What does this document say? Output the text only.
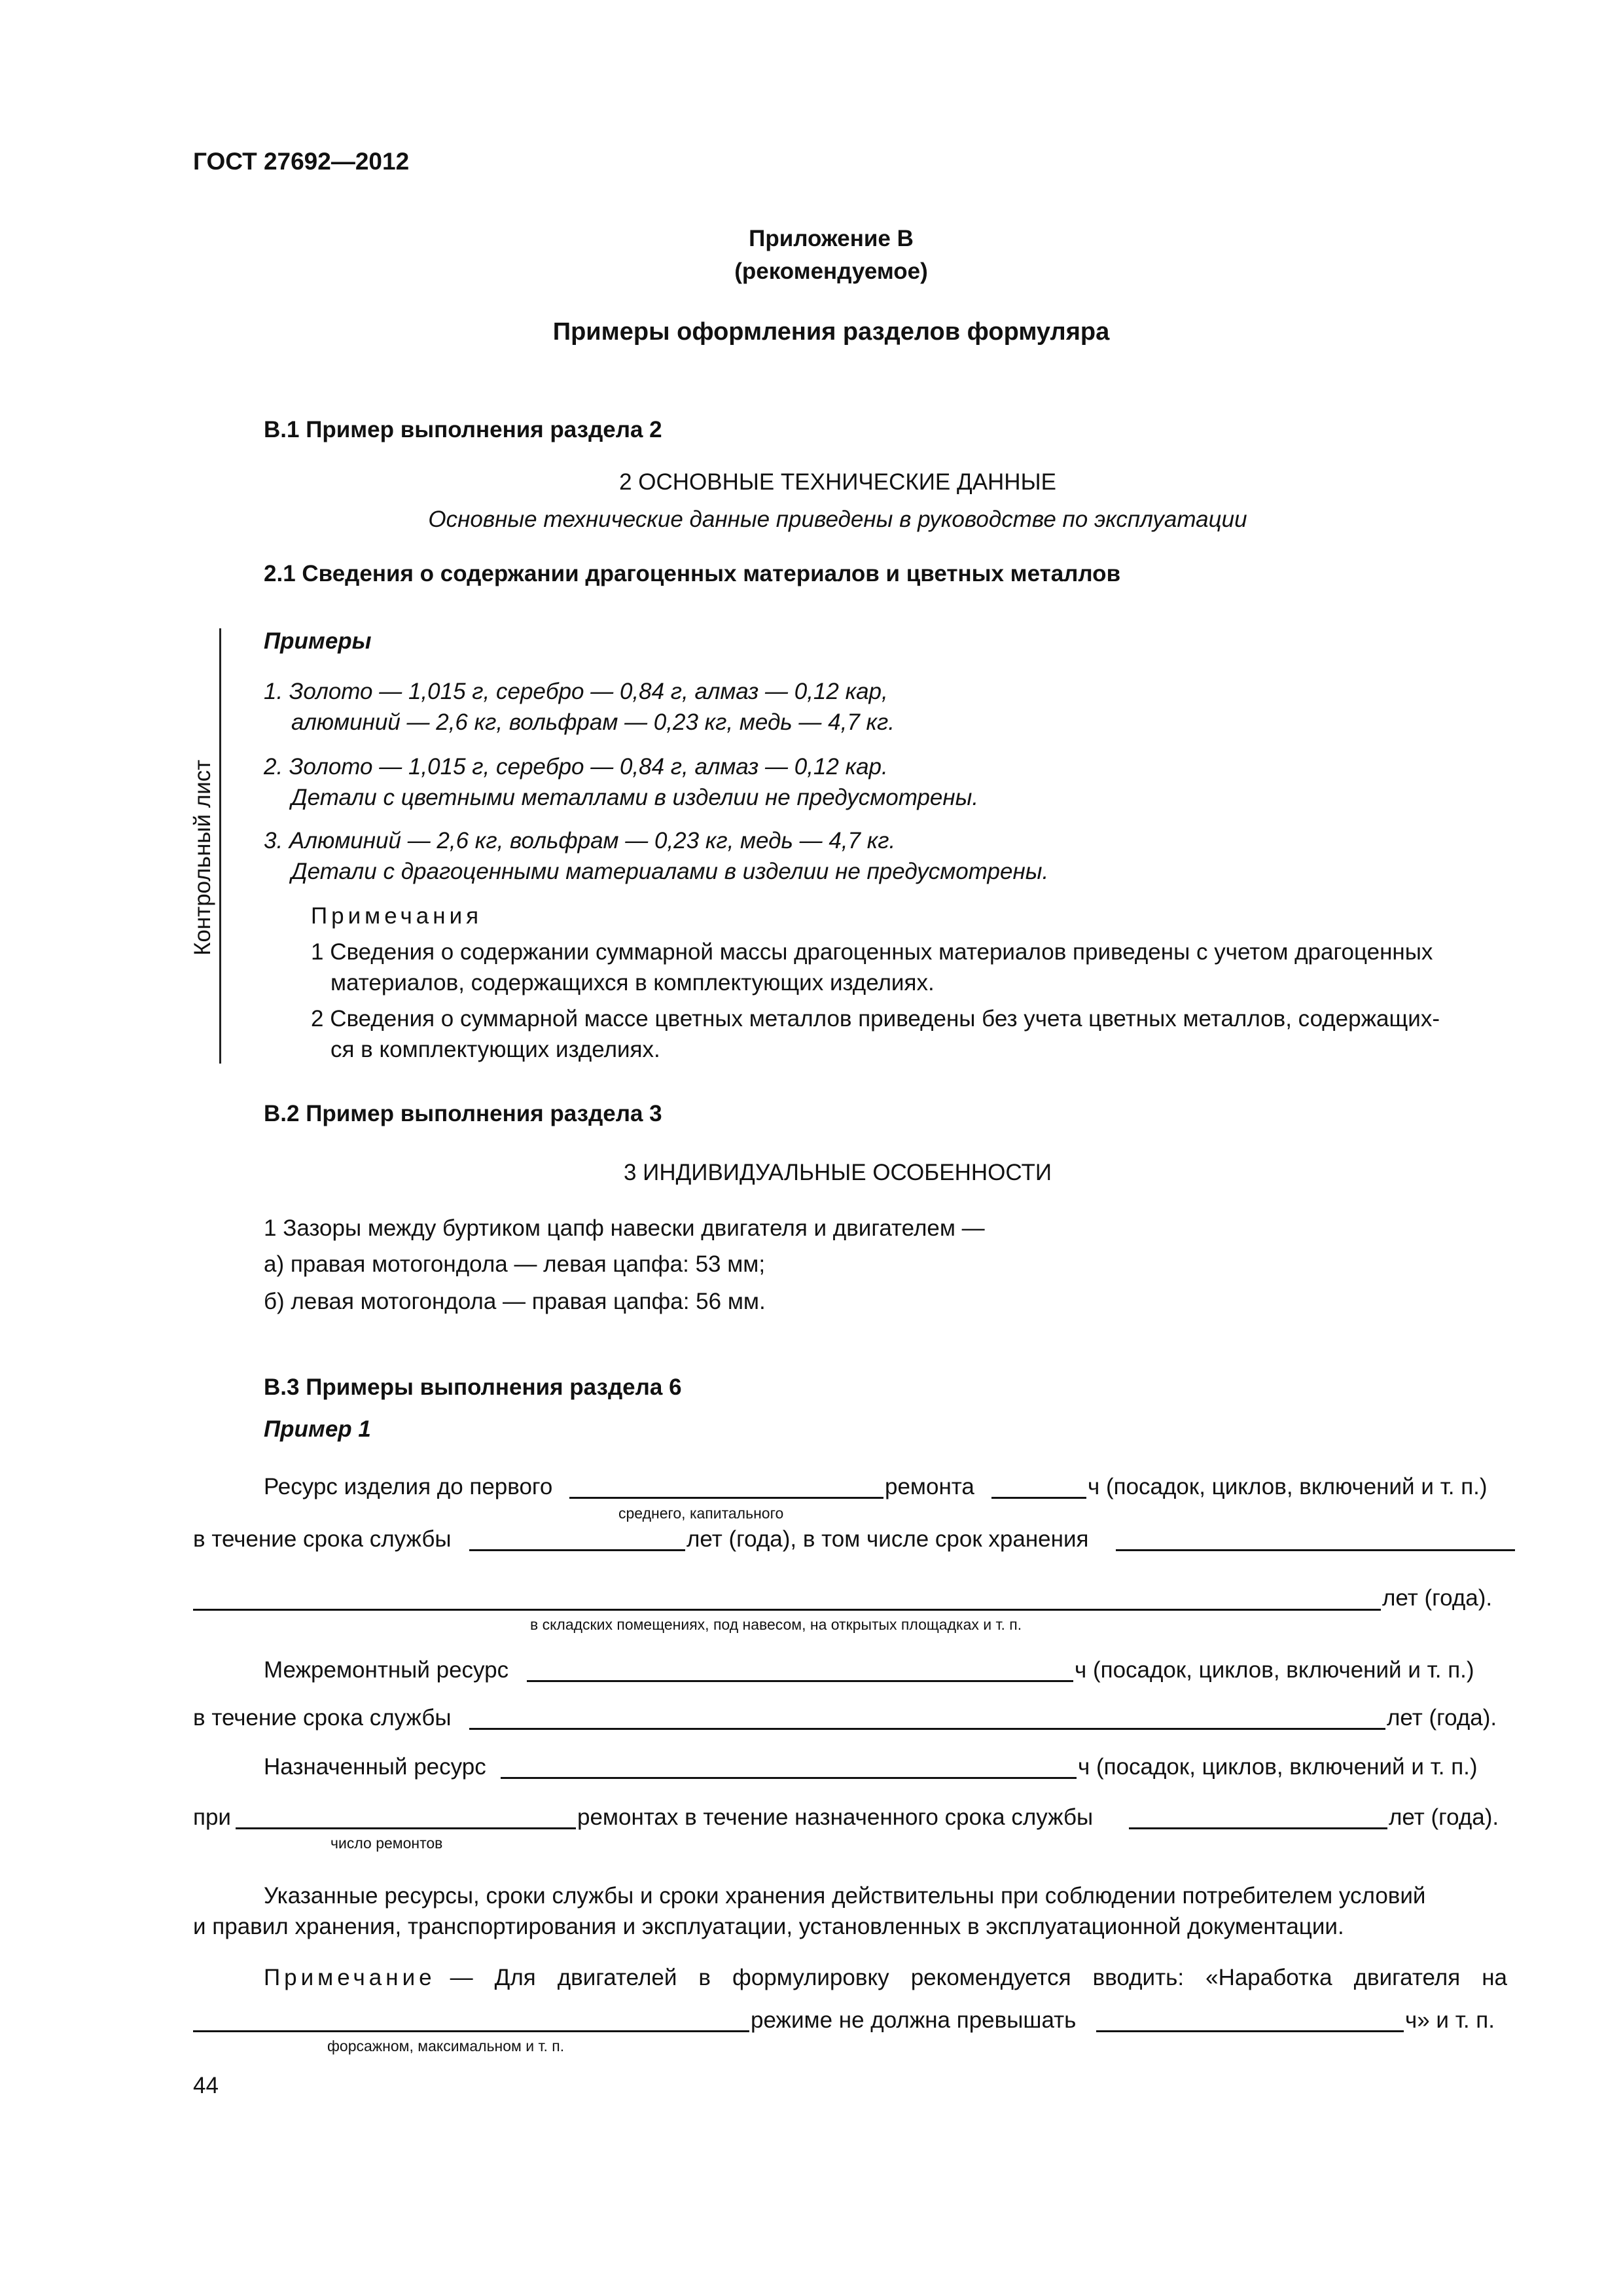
ГОСТ 27692—2012
Приложение В
(рекомендуемое)
Примеры оформления разделов формуляра
В.1 Пример выполнения раздела 2
2 ОСНОВНЫЕ ТЕХНИЧЕСКИЕ ДАННЫЕ
Основные технические данные приведены в руководстве по эксплуатации
2.1 Сведения о содержании драгоценных материалов и цветных металлов
Примеры
1. Золото — 1,015 г, серебро — 0,84 г, алмаз — 0,12 кар,
алюминий — 2,6 кг, вольфрам — 0,23 кг, медь — 4,7 кг.
2. Золото — 1,015 г, серебро — 0,84 г, алмаз — 0,12 кар.
Детали с цветными металлами в изделии не предусмотрены.
3. Алюминий — 2,6 кг, вольфрам — 0,23 кг, медь — 4,7 кг.
Детали с драгоценными материалами в изделии не предусмотрены.
Примечания
1 Сведения о содержании суммарной массы драгоценных материалов приведены с учетом драгоценных
материалов, содержащихся в комплектующих изделиях.
2 Сведения о суммарной массе цветных металлов приведены без учета цветных металлов, содержащих-
ся в комплектующих изделиях.
Контрольный лист
В.2 Пример выполнения раздела 3
3 ИНДИВИДУАЛЬНЫЕ ОСОБЕННОСТИ
1 Зазоры между буртиком цапф навески двигателя и двигателем —
а) правая мотогондола — левая цапфа: 53 мм;
б) левая мотогондола — правая цапфа: 56 мм.
В.3 Примеры выполнения раздела 6
Пример 1
Ресурс изделия до первого
среднего, капитального
ремонта	ч (посадок, циклов, включений и т. п.)
в течение срока службы	лет (года), в том числе срок хранения
в складских помещениях, под навесом, на открытых площадках и т. п.
лет (года).
Межремонтный ресурс	ч (посадок, циклов, включений и т. п.)
в течение срока службы	лет (года).
Назначенный ресурс	ч (посадок, циклов, включений и т. п.)
при
число ремонтов
ремонтах в течение назначенного срока службы	лет (года).
Указанные ресурсы, сроки службы и сроки хранения действительны при соблюдении потребителем условий
и правил хранения, транспортирования и эксплуатации, установленных в эксплуатационной документации.
Примечание — Для двигателей в формулировку рекомендуется вводить: «Наработка двигателя на
форсажном, максимальном и т. п.
режиме не должна превышать	ч» и т. п.
44
